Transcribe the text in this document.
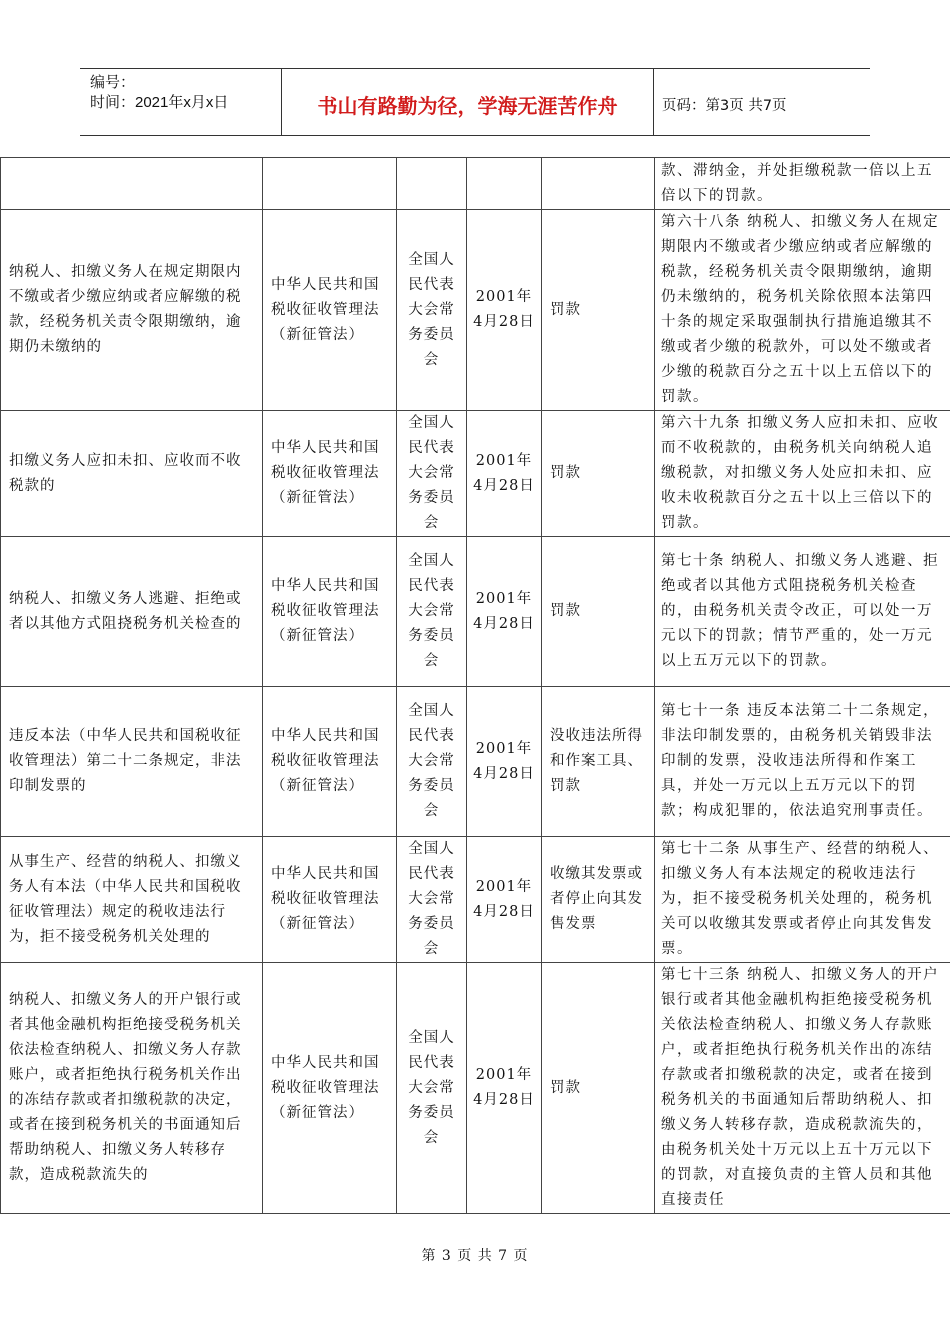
编号：
时间：2021年x月x日	书山有路勤为径，学海无涯苦作舟	页码：第3页 共7页
					款、滞纳金，并处拒缴税款一倍以上五倍以下的罚款。
纳税人、扣缴义务人在规定期限内不缴或者少缴应纳或者应解缴的税款，经税务机关责令限期缴纳，逾期仍未缴纳的	中华人民共和国税收征收管理法（新征管法）	全国人民代表大会常务委员会	2001年4月28日	罚款	第六十八条 纳税人、扣缴义务人在规定期限内不缴或者少缴应纳或者应解缴的税款，经税务机关责令限期缴纳，逾期仍未缴纳的，税务机关除依照本法第四十条的规定采取强制执行措施追缴其不缴或者少缴的税款外，可以处不缴或者少缴的税款百分之五十以上五倍以下的罚款。
扣缴义务人应扣未扣、应收而不收税款的	中华人民共和国税收征收管理法（新征管法）	全国人民代表大会常务委员会	2001年4月28日	罚款	第六十九条 扣缴义务人应扣未扣、应收而不收税款的，由税务机关向纳税人追缴税款，对扣缴义务人处应扣未扣、应收未收税款百分之五十以上三倍以下的罚款。
纳税人、扣缴义务人逃避、拒绝或者以其他方式阻挠税务机关检查的	中华人民共和国税收征收管理法（新征管法）	全国人民代表大会常务委员会	2001年4月28日	罚款	第七十条 纳税人、扣缴义务人逃避、拒绝或者以其他方式阻挠税务机关检查的，由税务机关责令改正，可以处一万元以下的罚款；情节严重的，处一万元以上五万元以下的罚款。
违反本法（中华人民共和国税收征收管理法）第二十二条规定，非法印制发票的	中华人民共和国税收征收管理法（新征管法）	全国人民代表大会常务委员会	2001年4月28日	没收违法所得和作案工具、罚款	第七十一条 违反本法第二十二条规定，非法印制发票的，由税务机关销毁非法印制的发票，没收违法所得和作案工具，并处一万元以上五万元以下的罚款；构成犯罪的，依法追究刑事责任。
从事生产、经营的纳税人、扣缴义务人有本法（中华人民共和国税收征收管理法）规定的税收违法行为，拒不接受税务机关处理的	中华人民共和国税收征收管理法（新征管法）	全国人民代表大会常务委员会	2001年4月28日	收缴其发票或者停止向其发售发票	第七十二条 从事生产、经营的纳税人、扣缴义务人有本法规定的税收违法行为，拒不接受税务机关处理的，税务机关可以收缴其发票或者停止向其发售发票。
纳税人、扣缴义务人的开户银行或者其他金融机构拒绝接受税务机关依法检查纳税人、扣缴义务人存款账户，或者拒绝执行税务机关作出的冻结存款或者扣缴税款的决定，或者在接到税务机关的书面通知后帮助纳税人、扣缴义务人转移存款，造成税款流失的	中华人民共和国税收征收管理法（新征管法）	全国人民代表大会常务委员会	2001年4月28日	罚款	第七十三条 纳税人、扣缴义务人的开户银行或者其他金融机构拒绝接受税务机关依法检查纳税人、扣缴义务人存款账户，或者拒绝执行税务机关作出的冻结存款或者扣缴税款的决定，或者在接到税务机关的书面通知后帮助纳税人、扣缴义务人转移存款，造成税款流失的，由税务机关处十万元以上五十万元以下的罚款，对直接负责的主管人员和其他直接责任
第 3 页 共 7 页
